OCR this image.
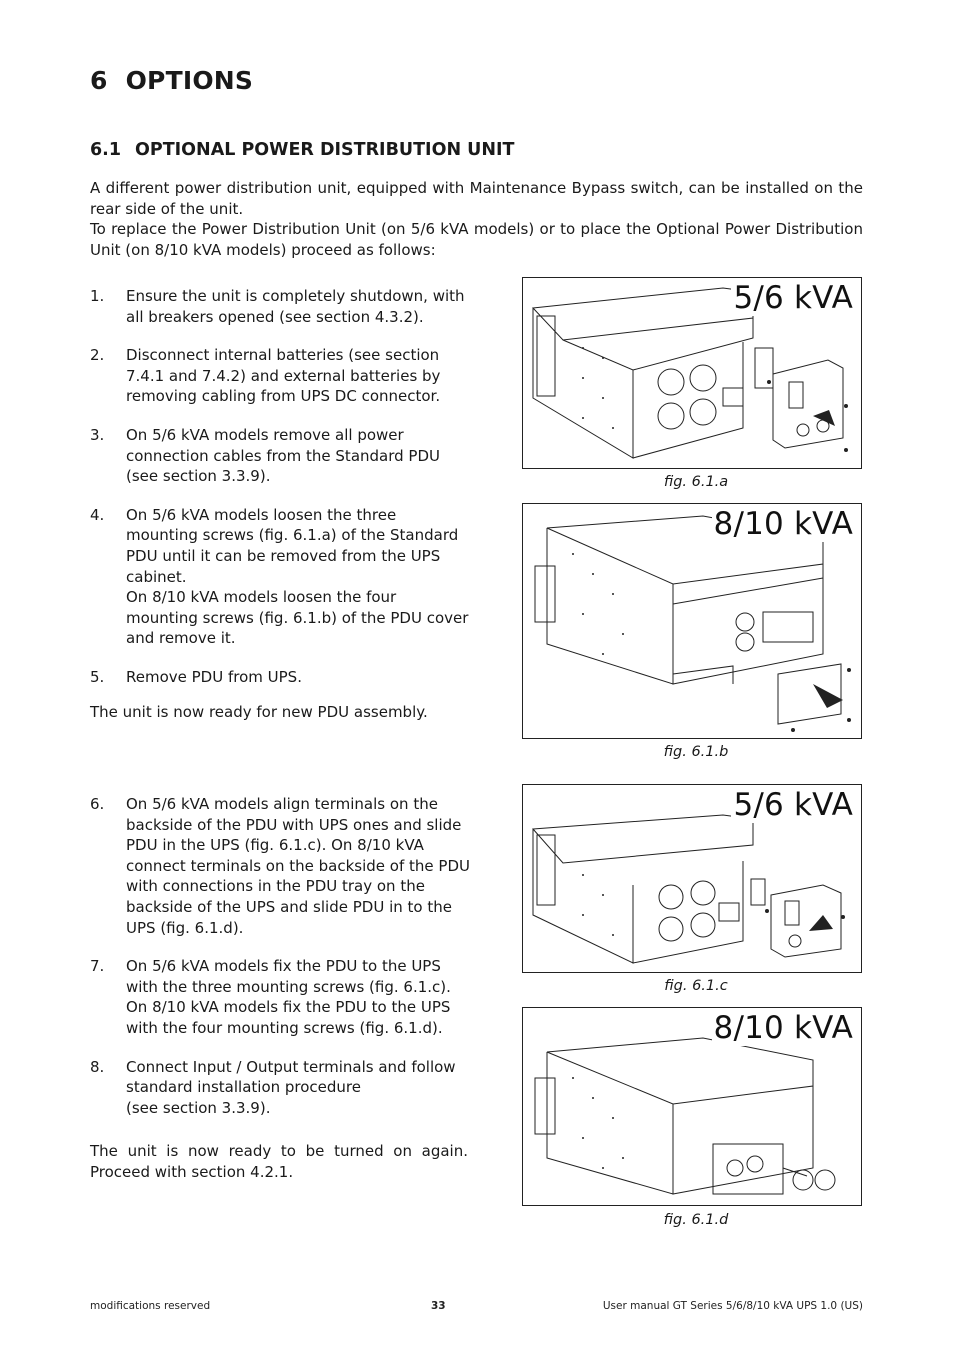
6 OPTIONS
6.1 OPTIONAL POWER DISTRIBUTION UNIT

A different power distribution unit, equipped with Maintenance Bypass switch, can be installed on the rear side of the unit.

To replace the Power Distribution Unit (on 5/6 kVA models) or to place the Optional Power Distribution Unit (on 8/10 kVA models) proceed as follows:

1. Ensure the unit is completely shutdown, with all breakers opened (see section 4.3.2).
2. Disconnect internal batteries (see section 7.4.1 and 7.4.2) and external batteries by removing cabling from UPS DC connector.
3. On 5/6 kVA models remove all power connection cables from the Standard PDU (see section 3.3.9).
4. On 5/6 kVA models loosen the three mounting screws (fig. 6.1.a) of the Standard PDU until it can be removed from the UPS cabinet.
On 8/10 kVA models loosen the four mounting screws (fig. 6.1.b) of the PDU cover and remove it.
5. Remove PDU from UPS.

The unit is now ready for new PDU assembly.

6. On 5/6 kVA models align terminals on the backside of the PDU with UPS ones and slide PDU in the UPS (fig. 6.1.c). On 8/10 kVA connect terminals on the backside of the PDU with connections in the PDU tray on the backside of the UPS and slide PDU in to the UPS (fig. 6.1.d).
7. On 5/6 kVA models fix the PDU to the UPS with the three mounting screws (fig. 6.1.c). On 8/10 kVA models fix the PDU to the UPS with the four mounting screws (fig. 6.1.d).
8. Connect Input / Output terminals and follow standard installation procedure
(see section 3.3.9).

The unit is now ready to be turned on again. Proceed with section 4.2.1.

5/6 kVA
fig. 6.1.a
8/10 kVA
fig. 6.1.b
5/6 kVA
fig. 6.1.c
8/10 kVA
fig. 6.1.d
modifications reserved	33	User manual GT Series 5/6/8/10 kVA UPS 1.0 (US)
